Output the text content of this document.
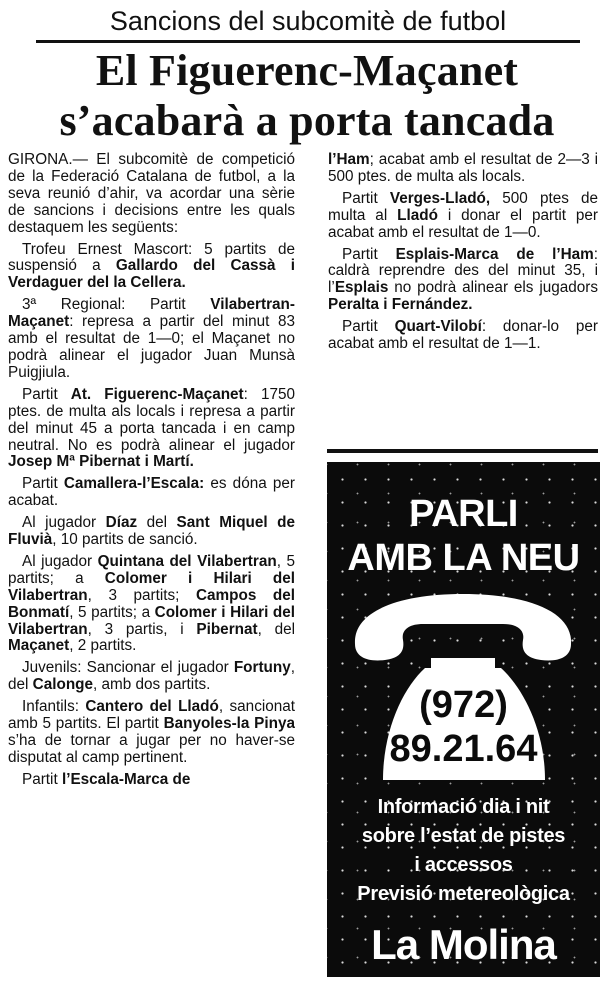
Sancions del subcomitè de futbol
El Figuerenc-Maçanet
s’acabarà a porta tancada

GIRONA.— El subcomitè de competició de la Federació Catalana de futbol, a la seva reunió d’ahir, va acordar una sèrie de sancions i decisions entre les quals destaquem les següents:

Trofeu Ernest Mascort: 5 partits de suspensió a Gallardo del Cassà i Verdaguer del la Cellera.

3ª Regional: Partit Vilabertran-Maçanet: represa a partir del minut 83 amb el resultat de 1—0; el Maçanet no podrà alinear el jugador Juan Munsà Puigjiula.

Partit At. Figuerenc-Maçanet: 1750 ptes. de multa als locals i represa a partir del minut 45 a porta tancada i en camp neutral. No es podrà alinear el jugador Josep Mª Pibernat i Martí.

Partit Camallera-l’Escala: es dóna per acabat.

Al jugador Díaz del Sant Miquel de Fluvià, 10 partits de sanció.

Al jugador Quintana del Vilabertran, 5 partits; a Colomer i Hilari del Vilabertran, 3 partits; Campos del Bonmatí, 5 partits; a Colomer i Hilari del Vilabertran, 3 partis, i Pibernat, del Maçanet, 2 partits.

Juvenils: Sancionar el jugador Fortuny, del Calonge, amb dos partits.

Infantils: Cantero del Lladó, sancionat amb 5 partits. El partit Banyoles-la Pinya s’ha de tornar a jugar per no haver-se disputat al camp pertinent.

Partit l’Escala-Marca de

l’Ham; acabat amb el resultat de 2—3 i 500 ptes. de multa als locals.

Partit Verges-Lladó, 500 ptes de multa al Lladó i donar el partit per acabat amb el resultat de 1—0.

Partit Esplais-Marca de l’Ham: caldrà reprendre des del minut 35, i l’Esplais no podrà alinear els jugadors Peralta i Fernández.

Partit Quart-Vilobí: donar-lo per acabat amb el resultat de 1—1.

PARLI
AMB LA NEU
(972)
89.21.64
Informació dia i nit
sobre l’estat de pistes
i accessos
Previsió metereològica
La Molina
